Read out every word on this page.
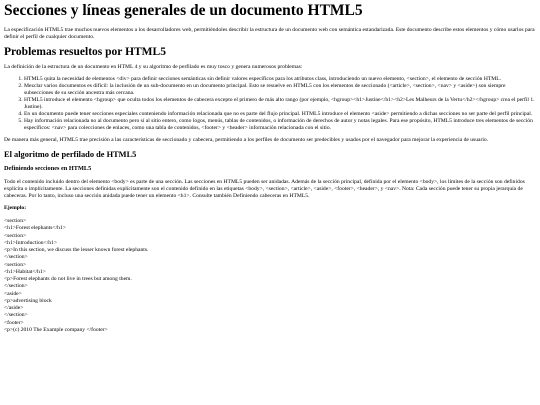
Secciones y líneas generales de un documento HTML5

La especificación HTML5 trae muchos nuevos elementos a los desarrolladores web, permitiéndoles describir la estructura de un documento web con semántica estandarizada. Este documento describe estos elementos y cómo usarlos para definir el perfil de cualquier documento.

Problemas resueltos por HTML5

La definición de la estructura de un documento en HTML 4 y su algoritmo de perfilado es muy tosco y genera numerosos problemas:

1. HTML5 quita la necesidad de elementos <div> para definir secciones semánticas sin definir valores específicos para los atributos class, introduciendo un nuevo elemento, <section>, el elemento de sección HTML.
2. Mezclar varios documentos es difícil: la inclusión de un sub-documento en un documento principal. Esto se resuelve en HTML5 con los elementos de seccionado (<article>, <section>, <nav> y <aside>) son siempre subsecciones de su sección ancestra más cercana.
3. HTML5 introduce el elemento <hgroup> que oculta todos los elementos de cabecera excepto el primero de más alto rango (por ejemplo, <hgroup><h1>Justine</h1><h2>Les Malheurs de la Vertu</h2></hgroup> crea el perfil 1. Justine).
4. En un documento puede tener secciones especiales conteniendo información relacionada que no es parte del flujo principal. HTML5 introduce el elemento <aside> permitiendo a dichas secciones no ser parte del perfil principal.
5. Hay información relacionada no al documento pero sí al sitio entero, como logos, menús, tablas de contenidos, o información de derechos de autor y notas legales. Para ese propósito, HTML5 introduce tres elementos de sección específicos: <nav> para colecciones de enlaces, como una tabla de contenidos, <footer> y <header> información relacionada con el sitio.

De manera más general, HTML5 trae precisión a las características de seccionado y cabecera, permitiendo a los perfiles de documento ser predecibles y usados por el navegador para mejorar la experiencia de usuario.

El algoritmo de perfilado de HTML5
Definiendo secciones en HTML5

Todo el contenido incluido dentro del elemento <body> es parte de una sección. Las secciones en HTML5 pueden ser anidadas. Además de la sección principal, definida por el elemento <body>, los límites de la sección son definidos explícita o implícitamente. La secciones definidas explícitamente son el contenido definido en las etiquetas <body>, <section>, <article>, <aside>, <footer>, <header>, y <nav>. Nota: Cada sección puede tener su propia jerarquía de cabeceras. Por lo tanto, incluso una sección anidada puede tener un elemento <h1>. Consulte también Definiendo cabeceras en HTML5.

Ejemplo:

<section>
<h1>Forest elephants</h1>
<section>
<h1>Introduction</h1>
<p>In this section, we discuss the lesser known forest elephants.
</section>
<section>
<h1>Habitat</h1>
<p>Forest elephants do not live in trees but among them.
</section>
<aside>
<p>advertising block
</aside>
</section>
<footer>
<p>(c) 2010 The Example company </footer>
